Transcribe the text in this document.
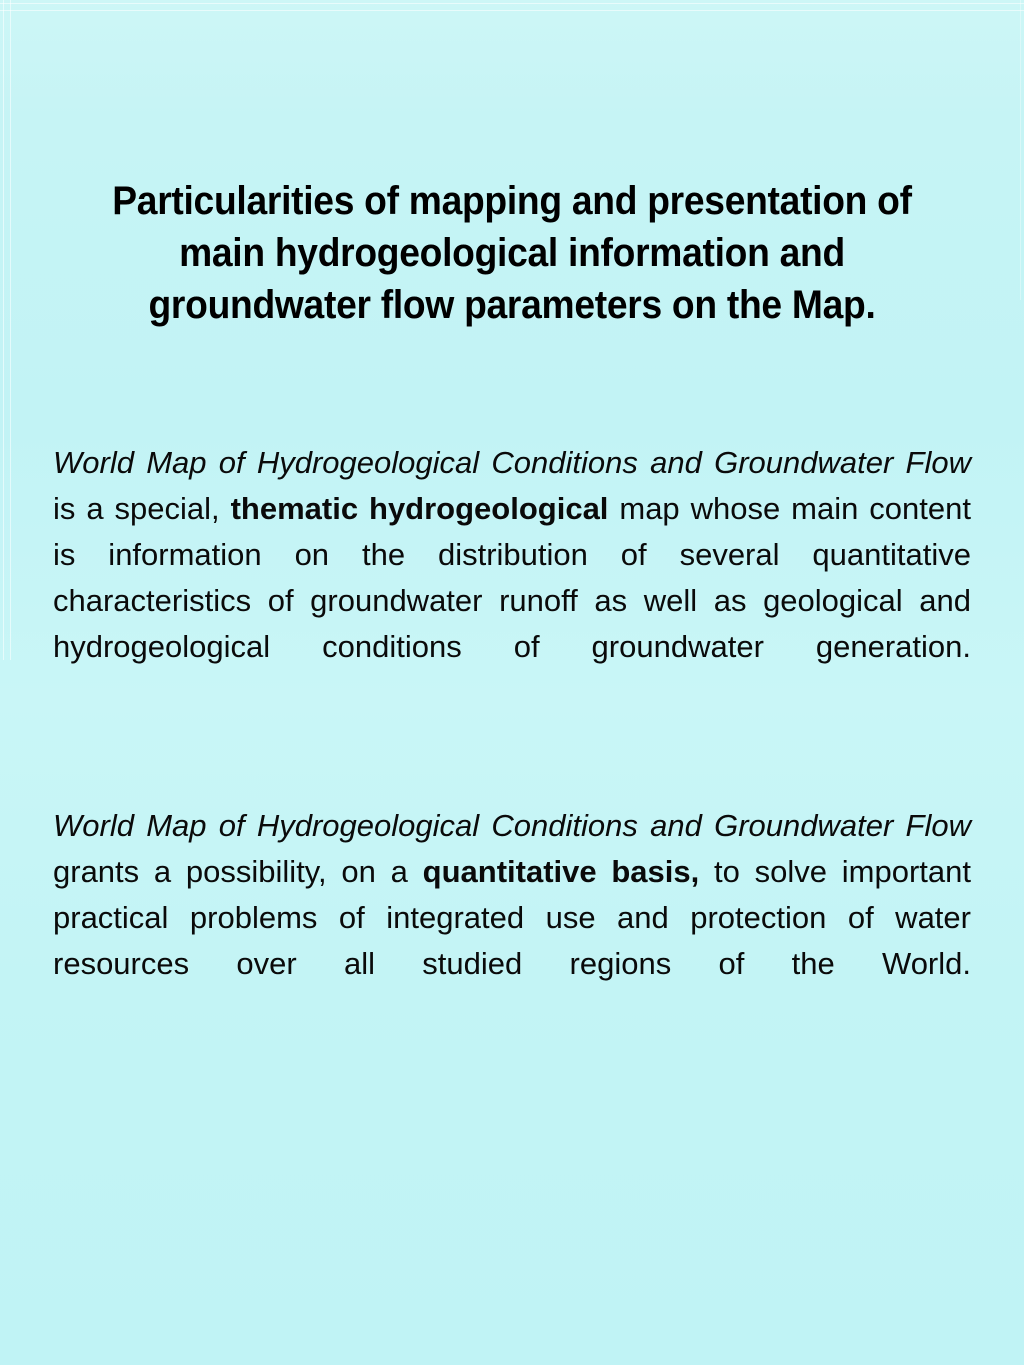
Particularities of mapping and presentation of main hydrogeological information and groundwater flow parameters on the Map.

World Map of Hydrogeological Conditions and Groundwater Flow is a special, thematic hydrogeological map whose main content is information on the distribution of several quantitative characteristics of groundwater runoff as well as geological and hydrogeological conditions of groundwater generation.

World Map of Hydrogeological Conditions and Groundwater Flow grants a possibility, on a quantitative basis, to solve important practical problems of integrated use and protection of water resources over all studied regions of the World.
